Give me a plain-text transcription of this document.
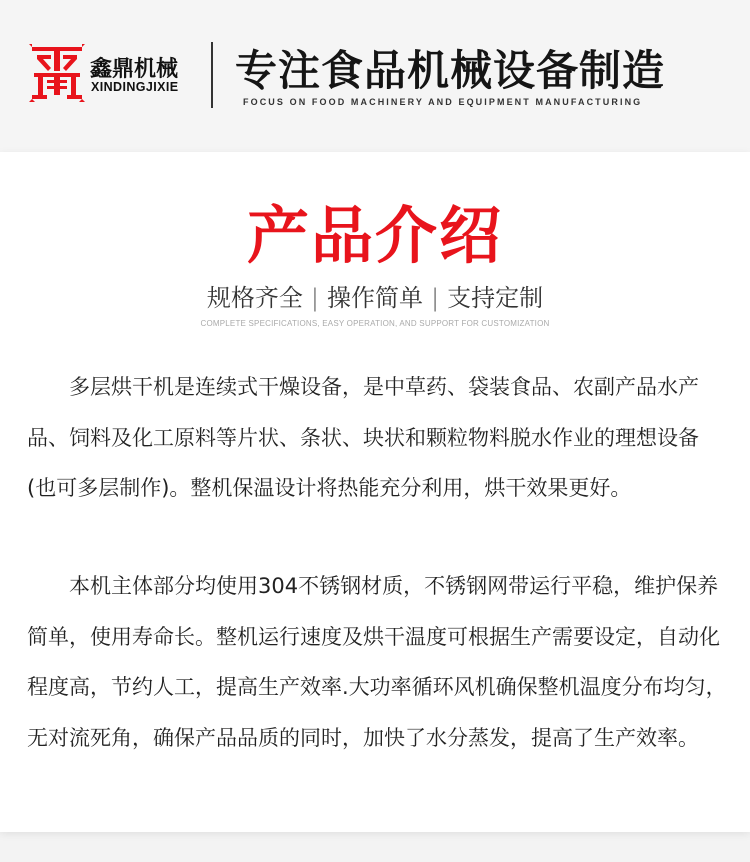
鑫鼎机械
XINDINGJIXIE 专注食品机械设备制造
FOCUS ON FOOD MACHINERY AND EQUIPMENT MANUFACTURING
产品介绍
规格齐全 | 操作简单 | 支持定制
COMPLETE SPECIFICATIONS, EASY OPERATION, AND SUPPORT FOR CUSTOMIZATION

多层烘干机是连续式干燥设备，是中草药、袋装食品、农副产品水产品、饲料及化工原料等片状、条状、块状和颗粒物料脱水作业的理想设备(也可多层制作)。整机保温设计将热能充分利用，烘干效果更好。

本机主体部分均使用304不锈钢材质，不锈钢网带运行平稳，维护保养简单，使用寿命长。整机运行速度及烘干温度可根据生产需要设定，自动化程度高，节约人工，提高生产效率.大功率循环风机确保整机温度分布均匀，无对流死角，确保产品品质的同时，加快了水分蒸发，提高了生产效率。
